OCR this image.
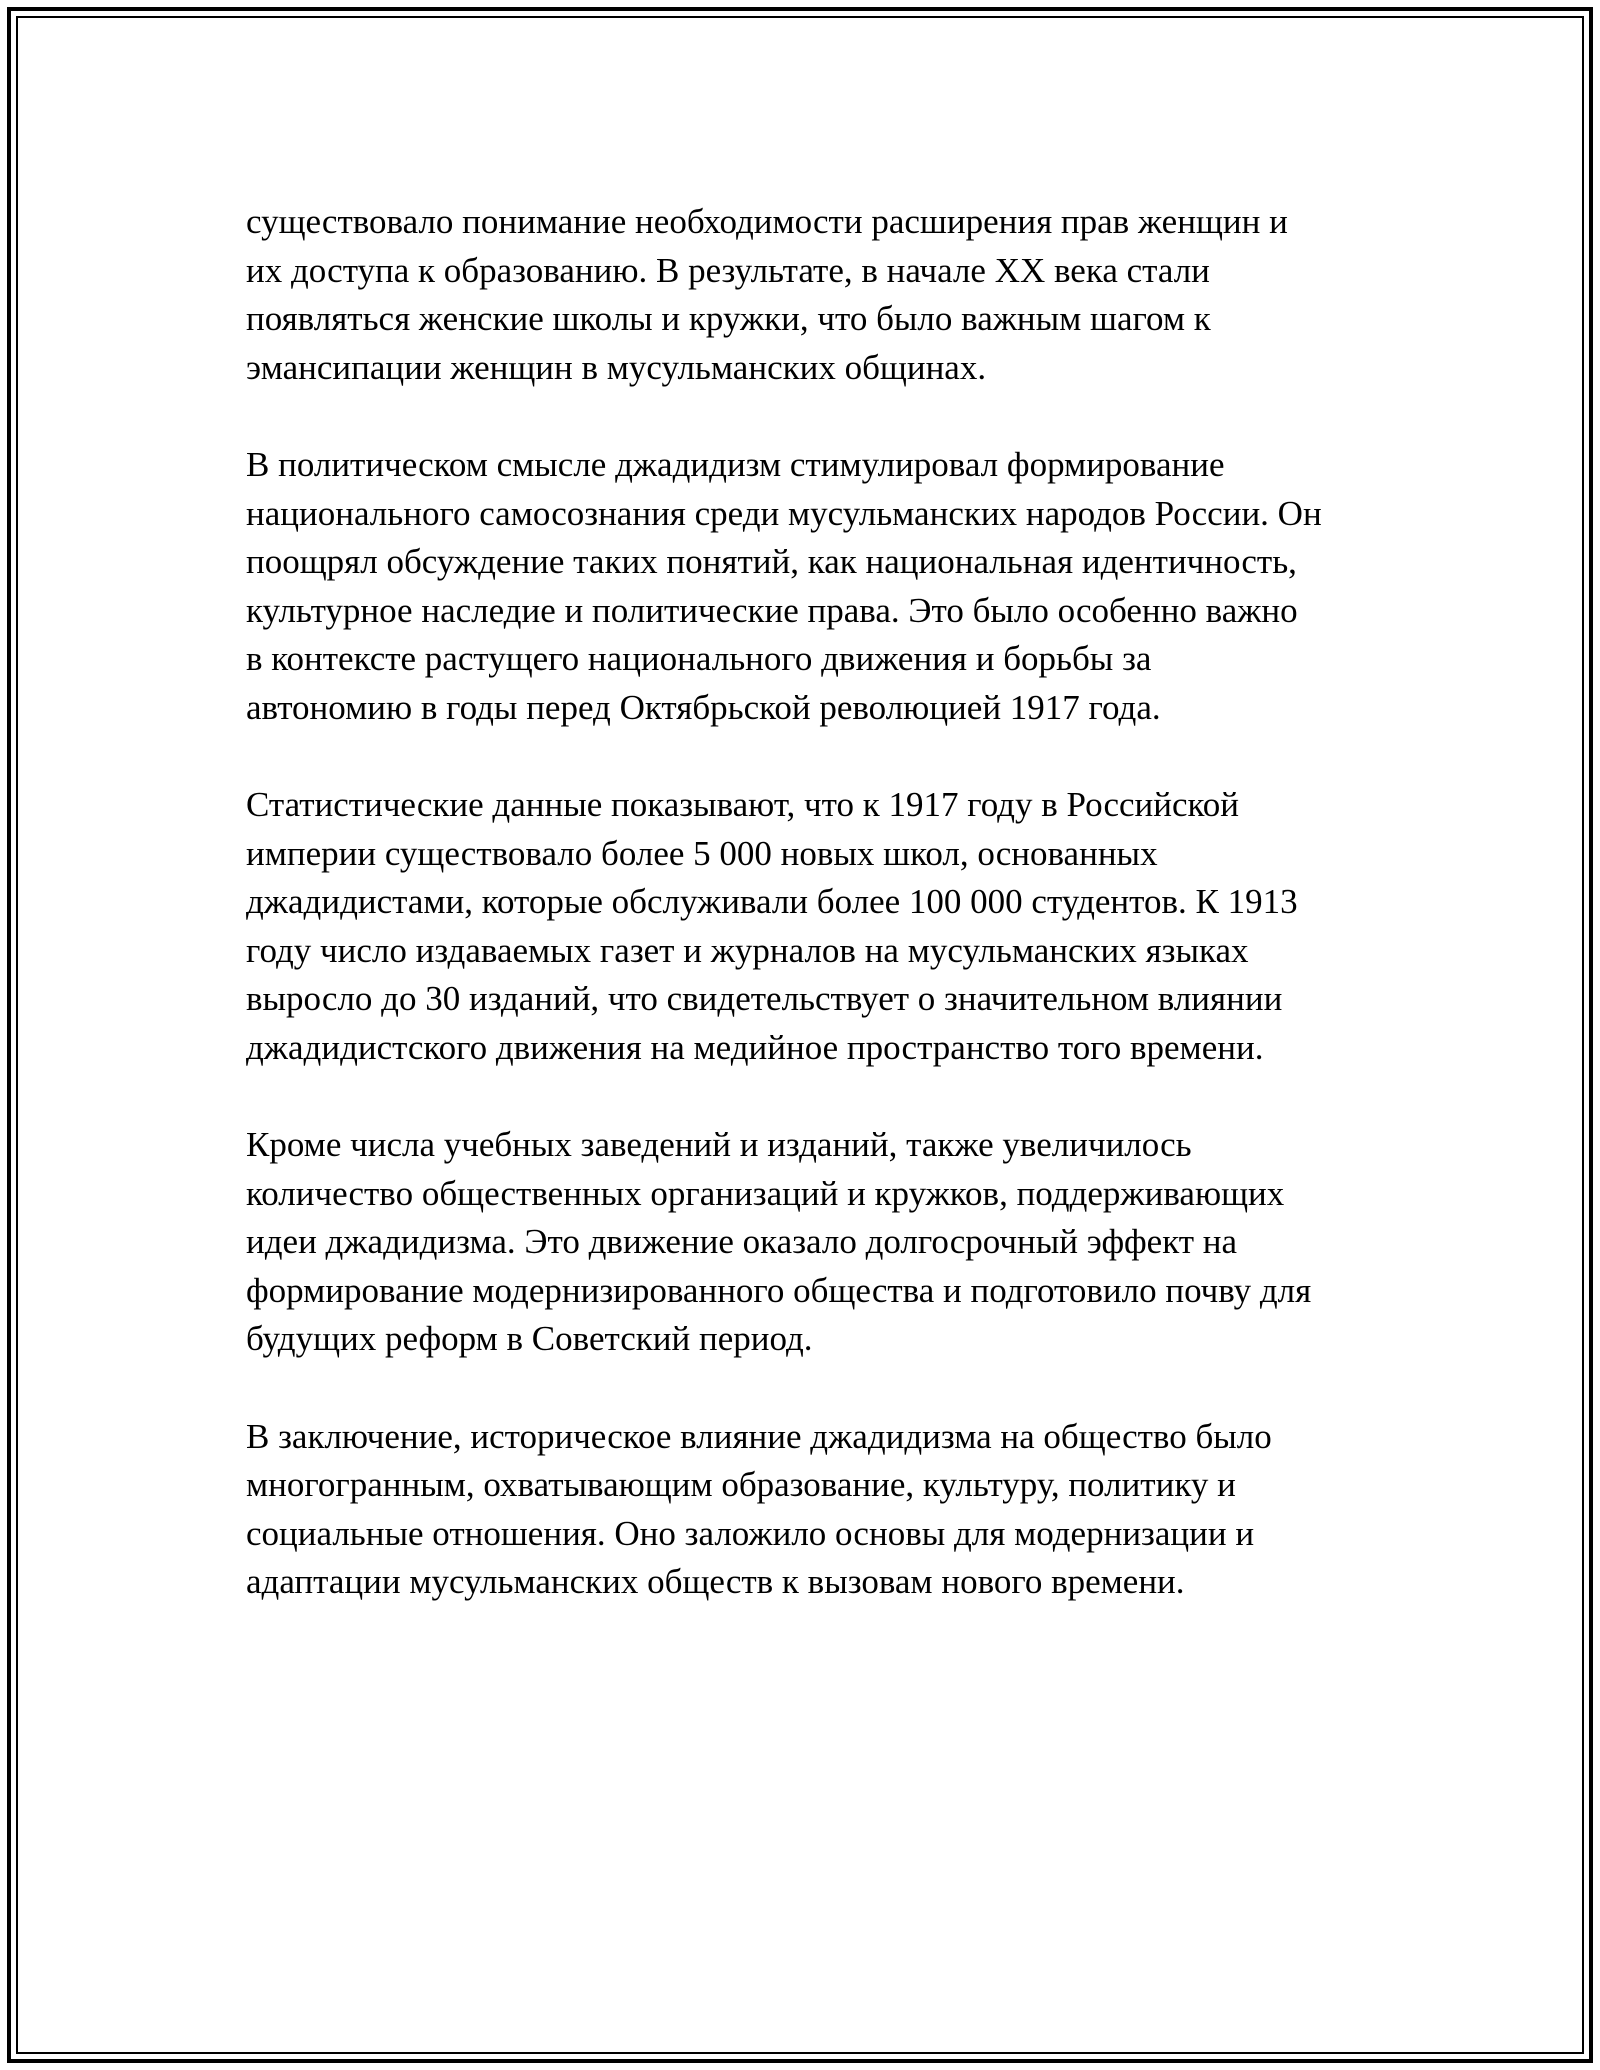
существовало понимание необходимости расширения прав женщин и
их доступа к образованию. В результате, в начале XX века стали
появляться женские школы и кружки, что было важным шагом к
эмансипации женщин в мусульманских общинах.

В политическом смысле джадидизм стимулировал формирование
национального самосознания среди мусульманских народов России. Он
поощрял обсуждение таких понятий, как национальная идентичность,
культурное наследие и политические права. Это было особенно важно
в контексте растущего национального движения и борьбы за
автономию в годы перед Октябрьской революцией 1917 года.

Статистические данные показывают, что к 1917 году в Российской
империи существовало более 5 000 новых школ, основанных
джадидистами, которые обслуживали более 100 000 студентов. К 1913
году число издаваемых газет и журналов на мусульманских языках
выросло до 30 изданий, что свидетельствует о значительном влиянии
джадидистского движения на медийное пространство того времени.

Кроме числа учебных заведений и изданий, также увеличилось
количество общественных организаций и кружков, поддерживающих
идеи джадидизма. Это движение оказало долгосрочный эффект на
формирование модернизированного общества и подготовило почву для
будущих реформ в Советский период.

В заключение, историческое влияние джадидизма на общество было
многогранным, охватывающим образование, культуру, политику и
социальные отношения. Оно заложило основы для модернизации и
адаптации мусульманских обществ к вызовам нового времени.
